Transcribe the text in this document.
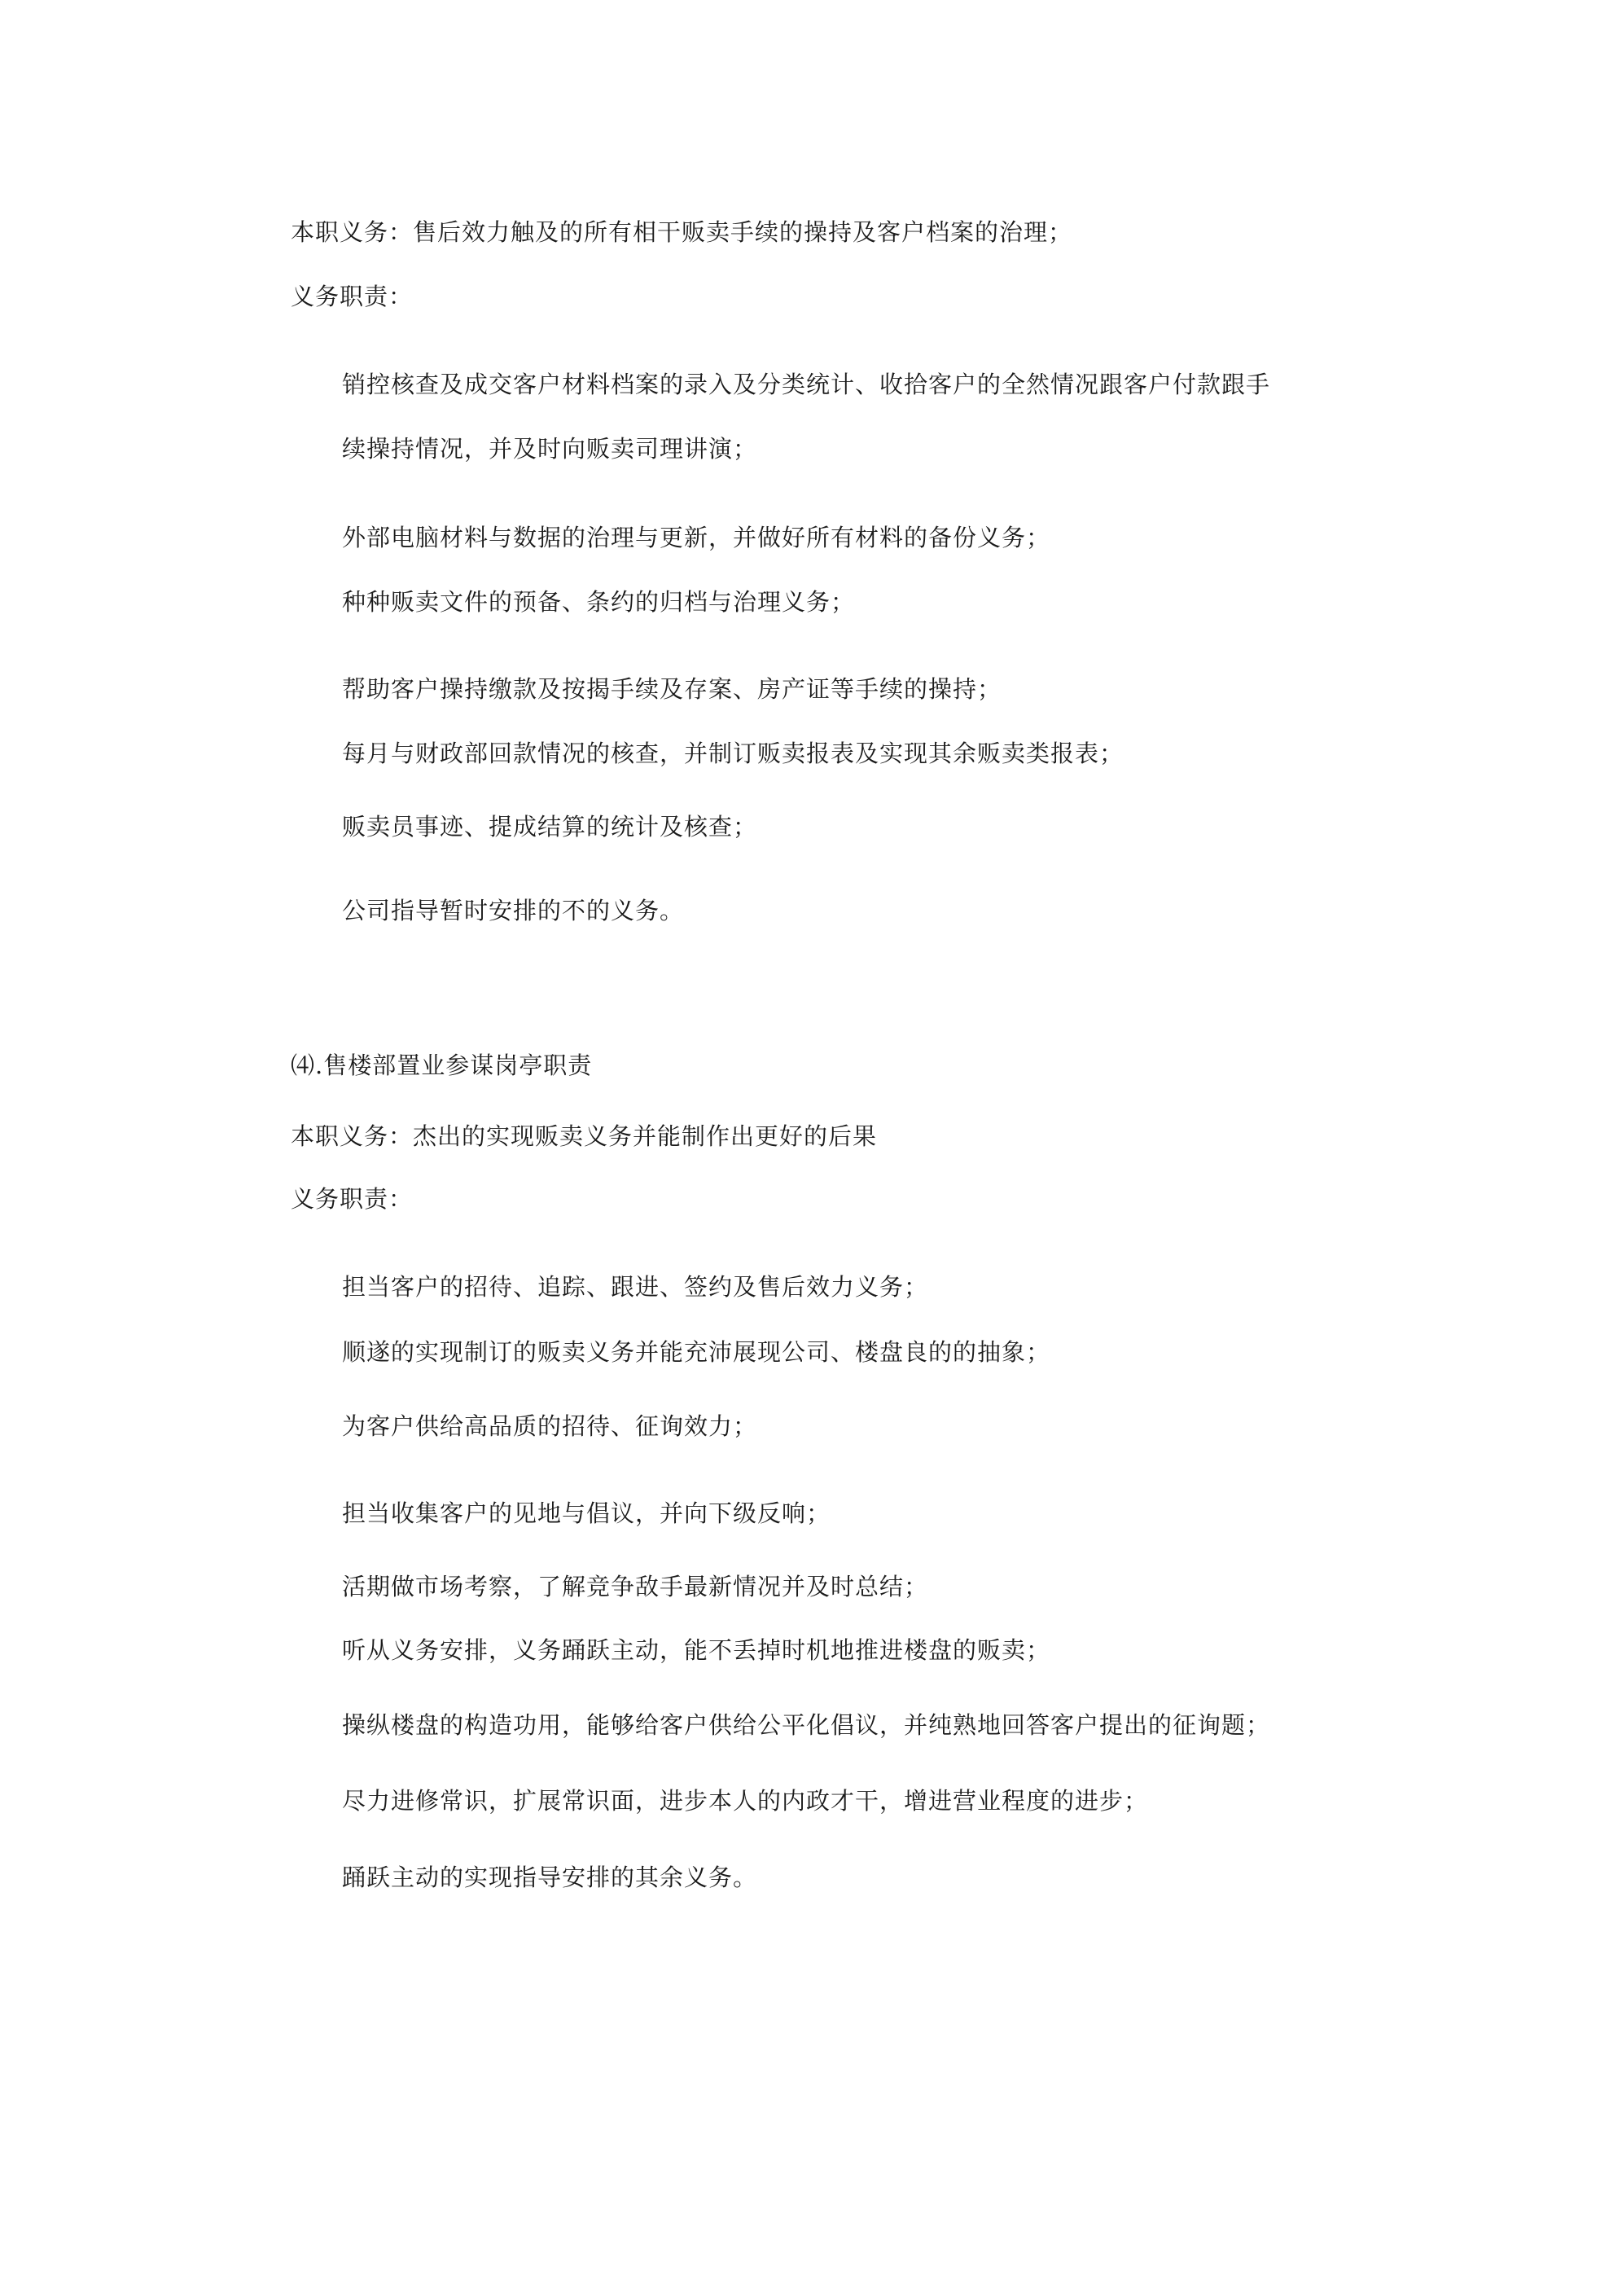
本职义务：售后效力触及的所有相干贩卖手续的操持及客户档案的治理；
义务职责：
销控核查及成交客户材料档案的录入及分类统计、收拾客户的全然情况跟客户付款跟手
续操持情况，并及时向贩卖司理讲演；
外部电脑材料与数据的治理与更新，并做好所有材料的备份义务；
种种贩卖文件的预备、条约的归档与治理义务；
帮助客户操持缴款及按揭手续及存案、房产证等手续的操持；
每月与财政部回款情况的核查，并制订贩卖报表及实现其余贩卖类报表；
贩卖员事迹、提成结算的统计及核查；
公司指导暂时安排的不的义务。
⑷.售楼部置业参谋岗亭职责
本职义务：杰出的实现贩卖义务并能制作出更好的后果
义务职责：
担当客户的招待、追踪、跟进、签约及售后效力义务；
顺遂的实现制订的贩卖义务并能充沛展现公司、楼盘良的的抽象；
为客户供给高品质的招待、征询效力；
担当收集客户的见地与倡议，并向下级反响；
活期做市场考察，了解竞争敌手最新情况并及时总结；
听从义务安排，义务踊跃主动，能不丢掉时机地推进楼盘的贩卖；
操纵楼盘的构造功用，能够给客户供给公平化倡议，并纯熟地回答客户提出的征询题；
尽力进修常识，扩展常识面，进步本人的内政才干，增进营业程度的进步；
踊跃主动的实现指导安排的其余义务。
